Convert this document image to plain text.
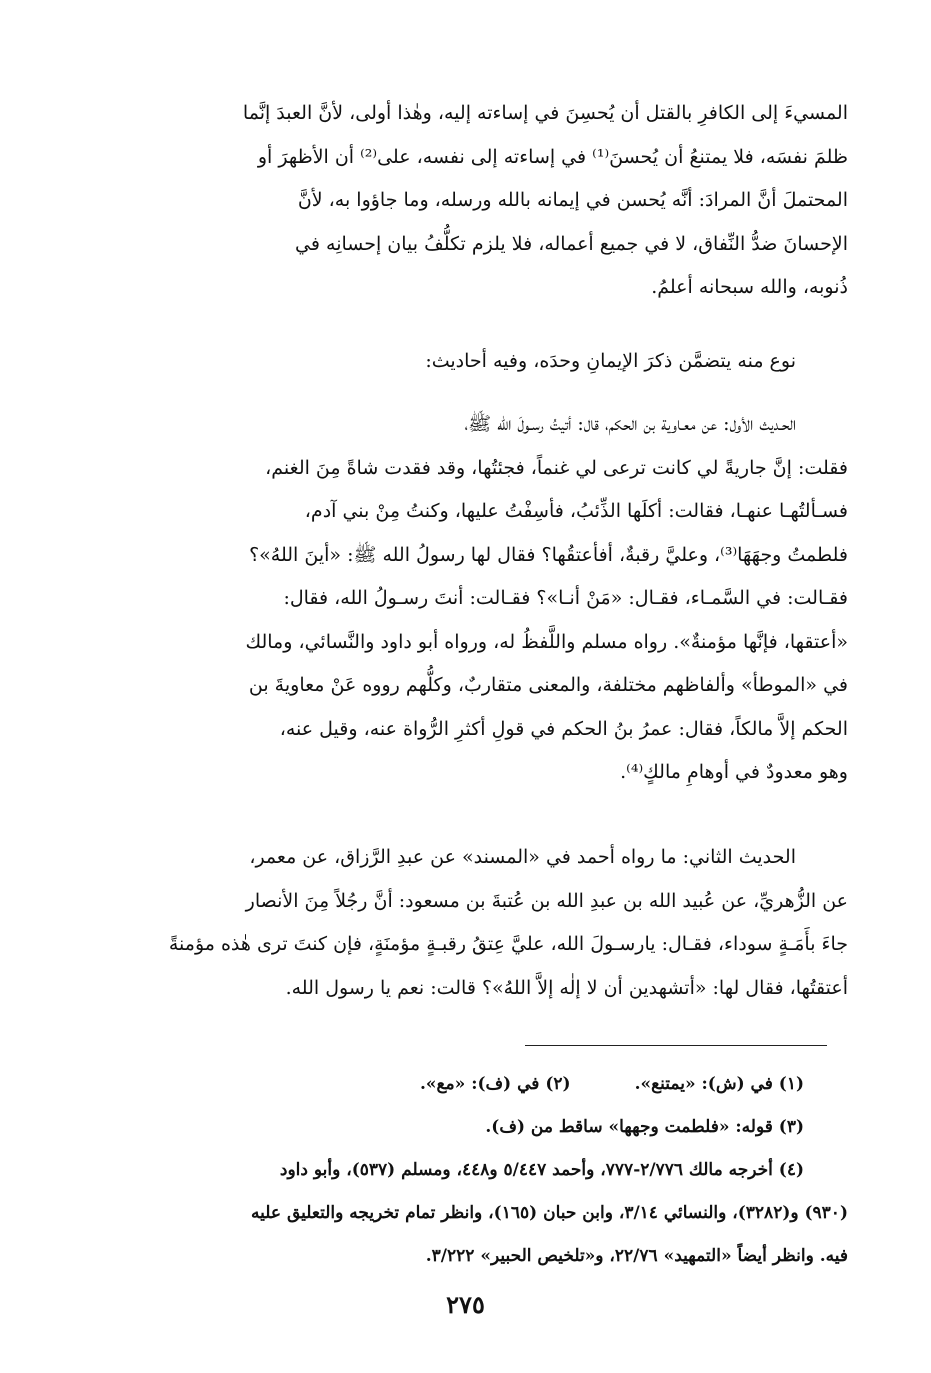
المسيءَ إلى الكافرِ بالقتل أن يُحسِنَ في إساءته إليه، وهٰذا أولى، لأنَّ العبدَ إنَّما
ظلمَ نفسَه، فلا يمتنعُ أن يُحسنَ⁽¹⁾ في إساءته إلى نفسه، على⁽²⁾ أن الأظهرَ أو
المحتملَ أنَّ المرادَ: أنَّه يُحسن في إيمانه بالله ورسله، وما جاؤوا به، لأنَّ
الإحسانَ ضدُّ النِّفاق، لا في جميع أعماله، فلا يلزم تكلُّفُ بيان إحسانِه في
ذُنوبه، والله سبحانه أعلمُ.
نوع منه يتضمَّن ذكرَ الإيمانِ وحدَه، وفيه أحاديث:
الحـديث الأول: عن معـاوية بن الحكم، قال: أتيتُ رسـولَ الله ﷺ،
فقلت: إنَّ جاريةً لي كانت ترعى لي غنماً، فجئتُها، وقد فقدت شاةً مِنَ الغنم،
فسـألتُهـا عنهـا، فقالت: أكلَها الذِّئبُ، فأسِفْتُ عليها، وكنتُ مِنْ بني آدم،
فلطمتُ وجهَهَا⁽³⁾، وعليَّ رقبةٌ، أفأعتقُها؟ فقال لها رسولُ الله ﷺ: «أينَ اللهُ»؟
فقـالت: في السَّمـاء، فقـال: «مَنْ أنـا»؟ فقـالت: أنتَ رسـولُ الله، فقال:
«أعتقها، فإنَّها مؤمنةٌ». رواه مسلم واللَّفظُ له، ورواه أبو داود والنَّسائي، ومالك
في «الموطأ» وألفاظهم مختلفة، والمعنى متقاربٌ، وكلُّهم رووه عَنْ معاويةَ بن
الحكم إلاَّ مالكاً، فقال: عمرُ بنُ الحكم في قولِ أكثرِ الرُّواة عنه، وقيل عنه،
وهو معدودٌ في أوهامِ مالكٍ⁽⁴⁾.
الحديث الثاني: ما رواه أحمد في «المسند» عن عبدِ الرَّزاق، عن معمر،
عن الزُّهريِّ، عن عُبيد الله بن عبدِ الله بن عُتبةَ بن مسعود: أنَّ رجُلاً مِنَ الأنصار
جاءَ بأَمَـةٍ سوداء، فقـال: يارسـولَ الله، عليَّ عِتقُ رقبـةٍ مؤمنَةٍ، فإن كنتَ ترى هٰذه مؤمنةً
أعتقتُها، فقال لها: «أتشهدين أن لا إلٰه إلاَّ اللهُ»؟ قالت: نعم يا رسول الله.
(١) في (ش): «يمتنع».
(٢) في (ف): «مع».
(٣) قوله: «فلطمت وجهها» ساقط من (ف).
(٤) أخرجه مالك ٢/٧٧٦-٧٧٧، وأحمد ٥/٤٤٧ و٤٤٨، ومسلم (٥٣٧)، وأبو داود
(٩٣٠) و(٣٢٨٢)، والنسائي ٣/١٤، وابن حبان (١٦٥)، وانظر تمام تخريجه والتعليق عليه
فيه. وانظر أيضاً «التمهيد» ٢٢/٧٦، و«تلخيص الحبير» ٣/٢٢٢.
٢٧٥
